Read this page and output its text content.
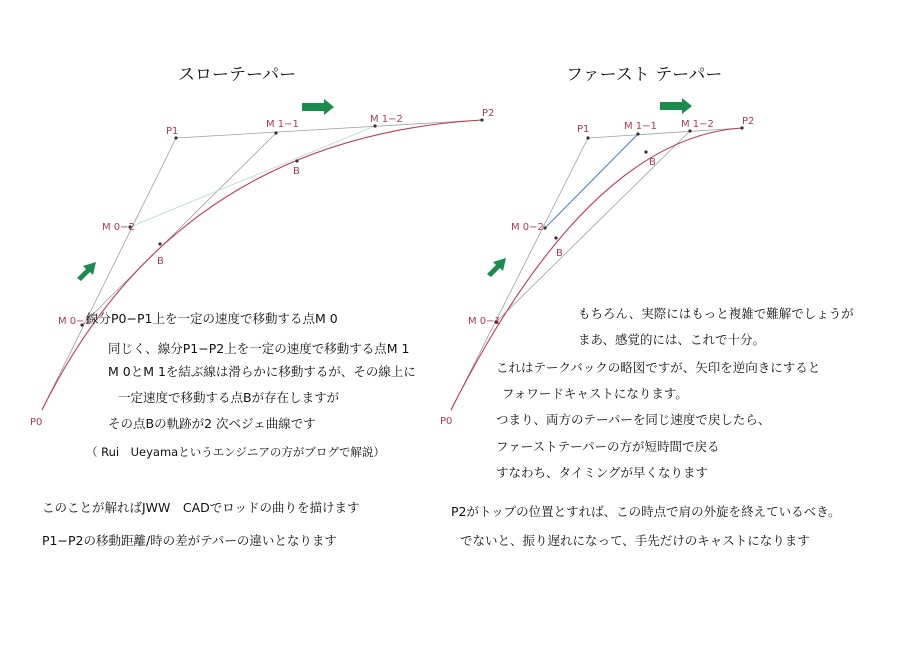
スローテーパー
P1
M 1−1	M 1−2
P2
M 0−2
M 0−1
B
B
P0
線分P0−P1上を一定の速度で移動する点M 0
同じく、線分P1−P2上を一定の速度で移動する点M 1
M 0とM 1を結ぶ線は滑らかに移動するが、その線上に
一定速度で移動する点Bが存在しますが
その点Bの軌跡が2 次ベジェ曲線です
（ Rui　Ueyamaというエンジニアの方がブログで解説）
このことが解ればJWW　CADでロッドの曲りを描けます
P1−P2の移動距離/時の差がテパーの違いとなります
ファースト テーパー
P1	M 1−1 M 1−2	P2
M 0−2
M 0−1
B
B
P0
もちろん、実際にはもっと複雑で難解でしょうが
まあ、感覚的には、これで十分。
これはテークバックの略図ですが、矢印を逆向きにすると
フォワードキャストになります。
つまり、両方のテーパーを同じ速度で戻したら、
ファーストテーパーの方が短時間で戻る
すなわち、タイミングが早くなります
P2がトップの位置とすれば、この時点で肩の外旋を終えているべき。
でないと、振り遅れになって、手先だけのキャストになります
